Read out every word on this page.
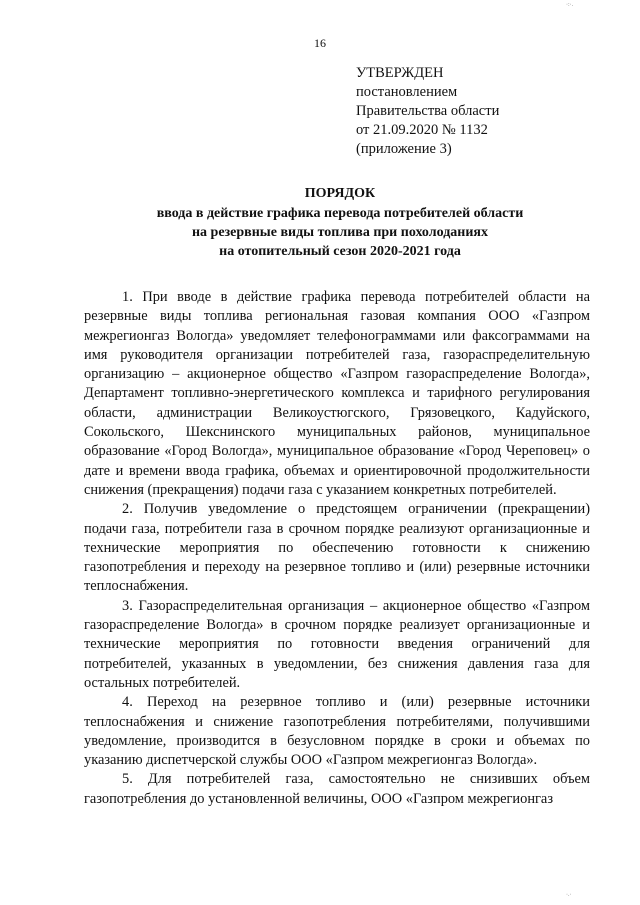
16
УТВЕРЖДЕН
постановлением
Правительства области
от 21.09.2020 № 1132
(приложение 3)
ПОРЯДОК
ввода в действие графика перевода потребителей области
на резервные виды топлива при похолоданиях
на отопительный сезон 2020-2021 года

1. При вводе в действие графика перевода потребителей области на резервные виды топлива региональная газовая компания ООО «Газпром межрегионгаз Вологда» уведомляет телефонограммами или факсограммами на имя руководителя организации потребителей газа, газораспределительную организацию – акционерное общество «Газпром газораспределение Вологда», Департамент топливно-энергетического комплекса и тарифного регулирования области, администрации Великоустюгского, Грязовецкого, Кадуйского, Сокольского, Шекснинского муниципальных районов, муниципальное образование «Город Вологда», муниципальное образование «Город Череповец» о дате и времени ввода графика, объемах и ориентировочной продолжительности снижения (прекращения) подачи газа с указанием конкретных потребителей.

2. Получив уведомление о предстоящем ограничении (прекращении) подачи газа, потребители газа в срочном порядке реализуют организационные и технические мероприятия по обеспечению готовности к снижению газопотребления и переходу на резервное топливо и (или) резервные источники теплоснабжения.

3. Газораспределительная организация – акционерное общество «Газпром газораспределение Вологда» в срочном порядке реализует организационные и технические мероприятия по готовности введения ограничений для потребителей, указанных в уведомлении, без снижения давления газа для остальных потребителей.

4. Переход на резервное топливо и (или) резервные источники теплоснабжения и снижение газопотребления потребителями, получившими уведомление, производится в безусловном порядке в сроки и объемах по указанию диспетчерской службы ООО «Газпром межрегионгаз Вологда».

5. Для потребителей газа, самостоятельно не снизивших объем газопотребления до установленной величины, ООО «Газпром межрегионгаз

·:·.
·.·
